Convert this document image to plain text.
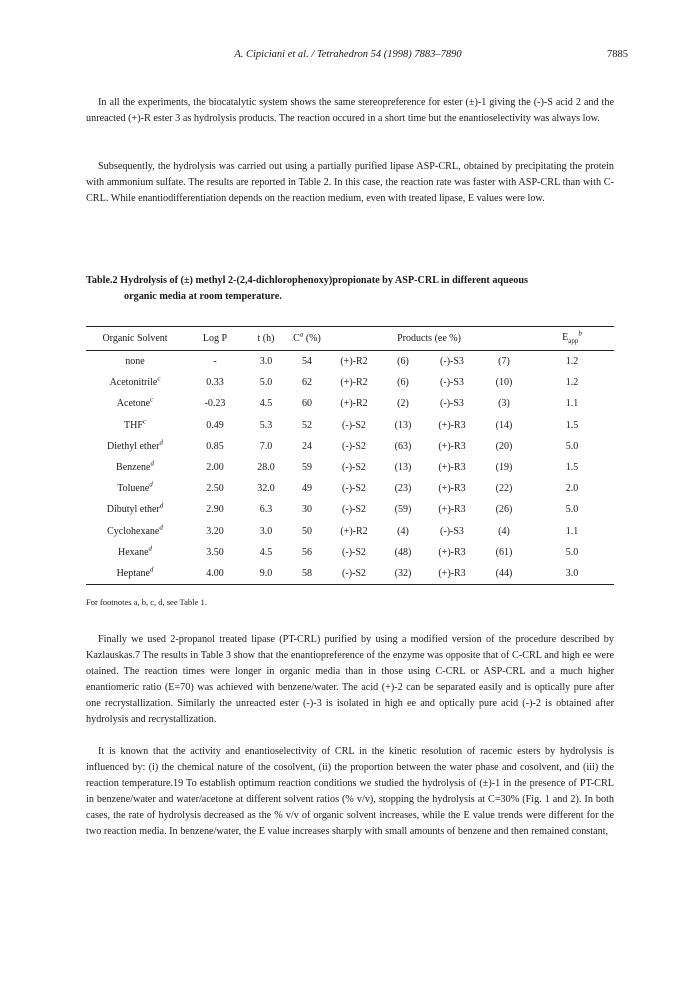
A. Cipiciani et al. / Tetrahedron 54 (1998) 7883–7890	7885

In all the experiments, the biocatalytic system shows the same stereopreference for ester (±)-1 giving the (-)-S acid 2 and the unreacted (+)-R ester 3 as hydrolysis products. The reaction occured in a short time but the enantioselectivity was always low.

Subsequently, the hydrolysis was carried out using a partially purified lipase ASP-CRL, obtained by precipitating the protein with ammonium sulfate. The results are reported in Table 2. In this case, the reaction rate was faster with ASP-CRL than with C-CRL. While enantiodifferentiation depends on the reaction medium, even with treated lipase, E values were low.

Table.2 Hydrolysis of (±) methyl 2-(2,4-dichlorophenoxy)propionate by ASP-CRL in different aqueous
organic media at room temperature.
Organic Solvent	Log P	t (h)	$C^a$ (%)	Products (ee %)				$E_{app}^b$
none	-	3.0	54	(+)-R2	(6)	(-)-S3	(7)	1.2
Acetonitrile$^c$	0.33	5.0	62	(+)-R2	(6)	(-)-S3	(10)	1.2
Acetone$^c$	-0.23	4.5	60	(+)-R2	(2)	(-)-S3	(3)	1.1
THF$^c$	0.49	5.3	52	(-)-S2	(13)	(+)-R3	(14)	1.5
Diethyl ether$^d$	0.85	7.0	24	(-)-S2	(63)	(+)-R3	(20)	5.0
Benzene$^d$	2.00	28.0	59	(-)-S2	(13)	(+)-R3	(19)	1.5
Toluene$^d$	2.50	32.0	49	(-)-S2	(23)	(+)-R3	(22)	2.0
Dibutyl ether$^d$	2.90	6.3	30	(-)-S2	(59)	(+)-R3	(26)	5.0
Cyclohexane$^d$	3.20	3.0	50	(+)-R2	(4)	(-)-S3	(4)	1.1
Hexane$^d$	3.50	4.5	56	(-)-S2	(48)	(+)-R3	(61)	5.0
Heptane$^d$	4.00	9.0	58	(-)-S2	(32)	(+)-R3	(44)	3.0
For footnotes a, b, c, d, see Table 1.

Finally we used 2-propanol treated lipase (PT-CRL) purified by using a modified version of the procedure described by Kazlauskas.7 The results in Table 3 show that the enantiopreference of the enzyme was opposite that of C-CRL and high ee were otained. The reaction times were longer in organic media than in those using C-CRL or ASP-CRL and a much higher enantiomeric ratio (E=70) was achieved with benzene/water. The acid (+)-2 can be separated easily and is optically pure after one recrystallization. Similarly the unreacted ester (-)-3 is isolated in high ee and optically pure acid (-)-2 is obtained after hydrolysis and recrystallization.

It is known that the activity and enantioselectivity of CRL in the kinetic resolution of racemic esters by hydrolysis is influenced by: (i) the chemical nature of the cosolvent, (ii) the proportion between the water phase and cosolvent, and (iii) the reaction temperature.19 To establish optimum reaction conditions we studied the hydrolysis of (±)-1 in the presence of PT-CRL in benzene/water and water/acetone at different solvent ratios (% v/v), stopping the hydrolysis at C=30% (Fig. 1 and 2). In both cases, the rate of hydrolysis decreased as the % v/v of organic solvent increases, while the E value trends were different for the two reaction media. In benzene/water, the E value increases sharply with small amounts of benzene and then remained constant,
